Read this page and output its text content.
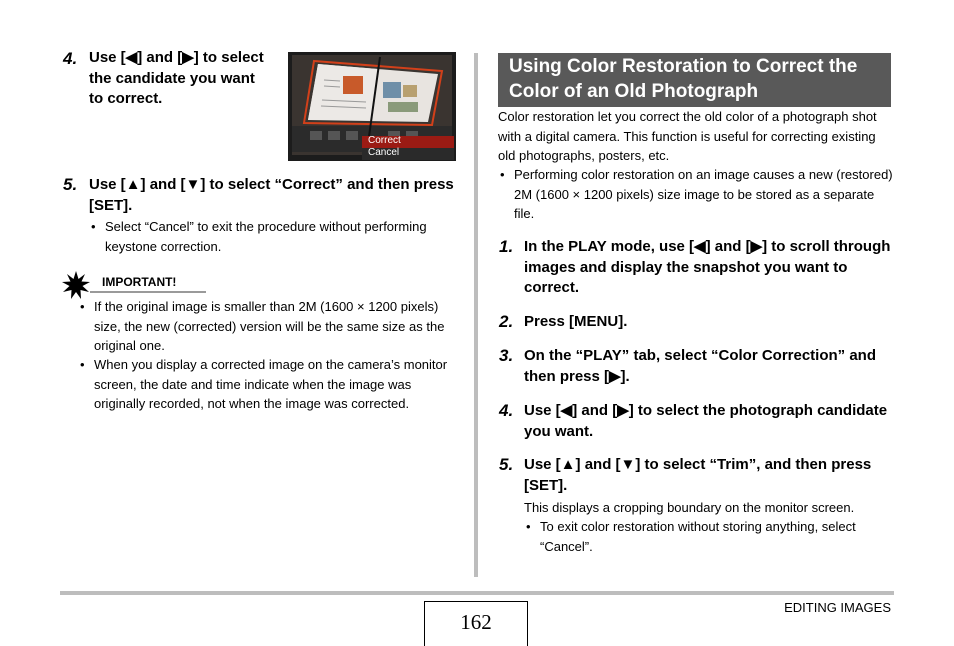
4. Use [◀] and [▶] to select the candidate you want to correct.
Correct
Cancel
5. Use [▲] and [▼] to select “Correct” and then press [SET].
• Select “Cancel” to exit the procedure without performing keystone correction.
IMPORTANT!
• If the original image is smaller than 2M (1600 × 1200 pixels) size, the new (corrected) version will be the same size as the original one.
• When you display a corrected image on the camera’s monitor screen, the date and time indicate when the image was originally recorded, not when the image was corrected.
Using Color Restoration to Correct the Color of an Old Photograph
Color restoration let you correct the old color of a photograph shot with a digital camera. This function is useful for correcting existing old photographs, posters, etc.
• Performing color restoration on an image causes a new (restored) 2M (1600 × 1200 pixels) size image to be stored as a separate file.
1. In the PLAY mode, use [◀] and [▶] to scroll through images and display the snapshot you want to correct.
2. Press [MENU].
3. On the “PLAY” tab, select “Color Correction” and then press [▶].
4. Use [◀] and [▶] to select the photograph candidate you want.
5. Use [▲] and [▼] to select “Trim”, and then press [SET].
This displays a cropping boundary on the monitor screen.
• To exit color restoration without storing anything, select “Cancel”.
162
EDITING IMAGES
